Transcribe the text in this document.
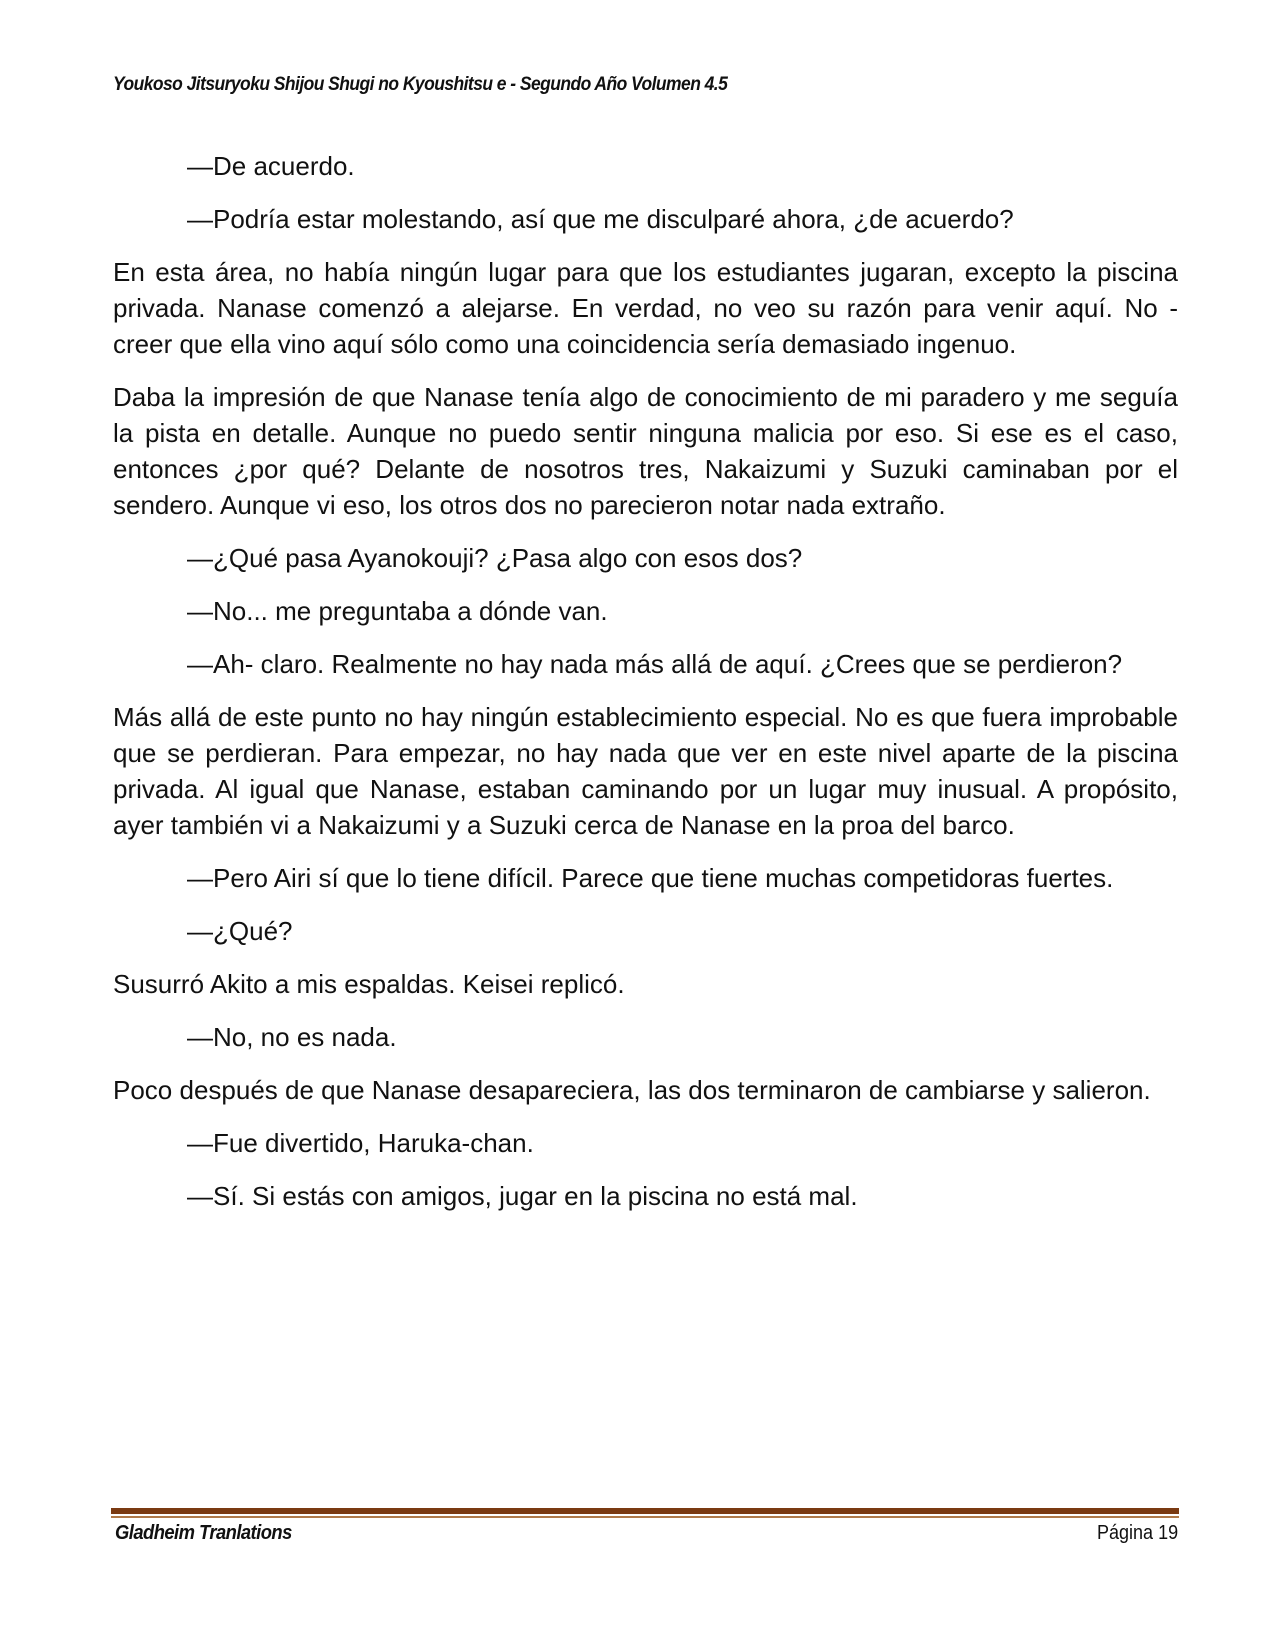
Youkoso Jitsuryoku Shijou Shugi no Kyoushitsu e - Segundo Año Volumen 4.5

—De acuerdo.

—Podría estar molestando, así que me disculparé ahora, ¿de acuerdo?

En esta área, no había ningún lugar para que los estudiantes jugaran, excepto la piscina privada. Nanase comenzó a alejarse. En verdad, no veo su razón para venir aquí. No - creer que ella vino aquí sólo como una coincidencia sería demasiado ingenuo.

Daba la impresión de que Nanase tenía algo de conocimiento de mi paradero y me seguía la pista en detalle. Aunque no puedo sentir ninguna malicia por eso. Si ese es el caso, entonces ¿por qué? Delante de nosotros tres, Nakaizumi y Suzuki caminaban por el sendero. Aunque vi eso, los otros dos no parecieron notar nada extraño.

—¿Qué pasa Ayanokouji? ¿Pasa algo con esos dos?

—No... me preguntaba a dónde van.

—Ah- claro. Realmente no hay nada más allá de aquí. ¿Crees que se perdieron?

Más allá de este punto no hay ningún establecimiento especial. No es que fuera improbable que se perdieran. Para empezar, no hay nada que ver en este nivel aparte de la piscina privada. Al igual que Nanase, estaban caminando por un lugar muy inusual. A propósito, ayer también vi a Nakaizumi y a Suzuki cerca de Nanase en la proa del barco.

—Pero Airi sí que lo tiene difícil. Parece que tiene muchas competidoras fuertes.

—¿Qué?

Susurró Akito a mis espaldas. Keisei replicó.

—No, no es nada.

Poco después de que Nanase desapareciera, las dos terminaron de cambiarse y salieron.

—Fue divertido, Haruka-chan.

—Sí. Si estás con amigos, jugar en la piscina no está mal.

Gladheim Tranlations	Página 19
